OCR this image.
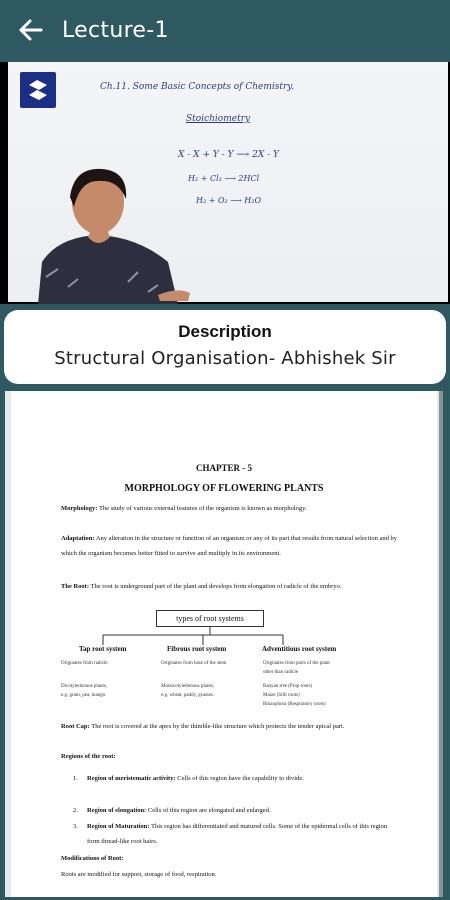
Lecture-1
Ch.11. Some Basic Concepts of Chemistry.
Stoichiometry
X - X + Y - Y ⟶ 2X - Y
H₂ + Cl₂ ⟶ 2HCl
H₂ + O₂ ⟶ H₂O
Description
Structural Organisation- Abhishek Sir
CHAPTER - 5
MORPHOLOGY OF FLOWERING PLANTS
Morphology: The study of various external features of the organism is known as morphology.
Adaptation: Any alteration in the structure or function of an organism or any of its part that results from natural selection and by which the organism becomes better fitted to survive and multiply in its environment.
The Root: The root is underground part of the plant and develops from elongation of radicle of the embryo.
types of root systems
Tap root system	Fibrous root system	Adventitious root system
Originates from radicle
Dicotyledonous plants,
e.g. gram, pea, mango.
Originates from base of the stem
Monocotyledonous plants,
e.g. wheat, paddy, grasses.
Originates from parts of the plant
other than radicle
Banyan tree (Prop roots)
Maize (Stilt roots)
Rhizophora (Respiratory roots)
Root Cap: The root is covered at the apex by the thimble-like structure which protects the tender apical part.
Regions of the root:
1. Region of meristematic activity: Cells of this region have the capability to divide.
2. Region of elongation: Cells of this region are elongated and enlarged.
3. Region of Maturation: This region has differentiated and matured cells. Some of the epidermal cells of this region form thread-like root hairs.
Modifications of Root:
Roots are modified for support, storage of food, respiration.
